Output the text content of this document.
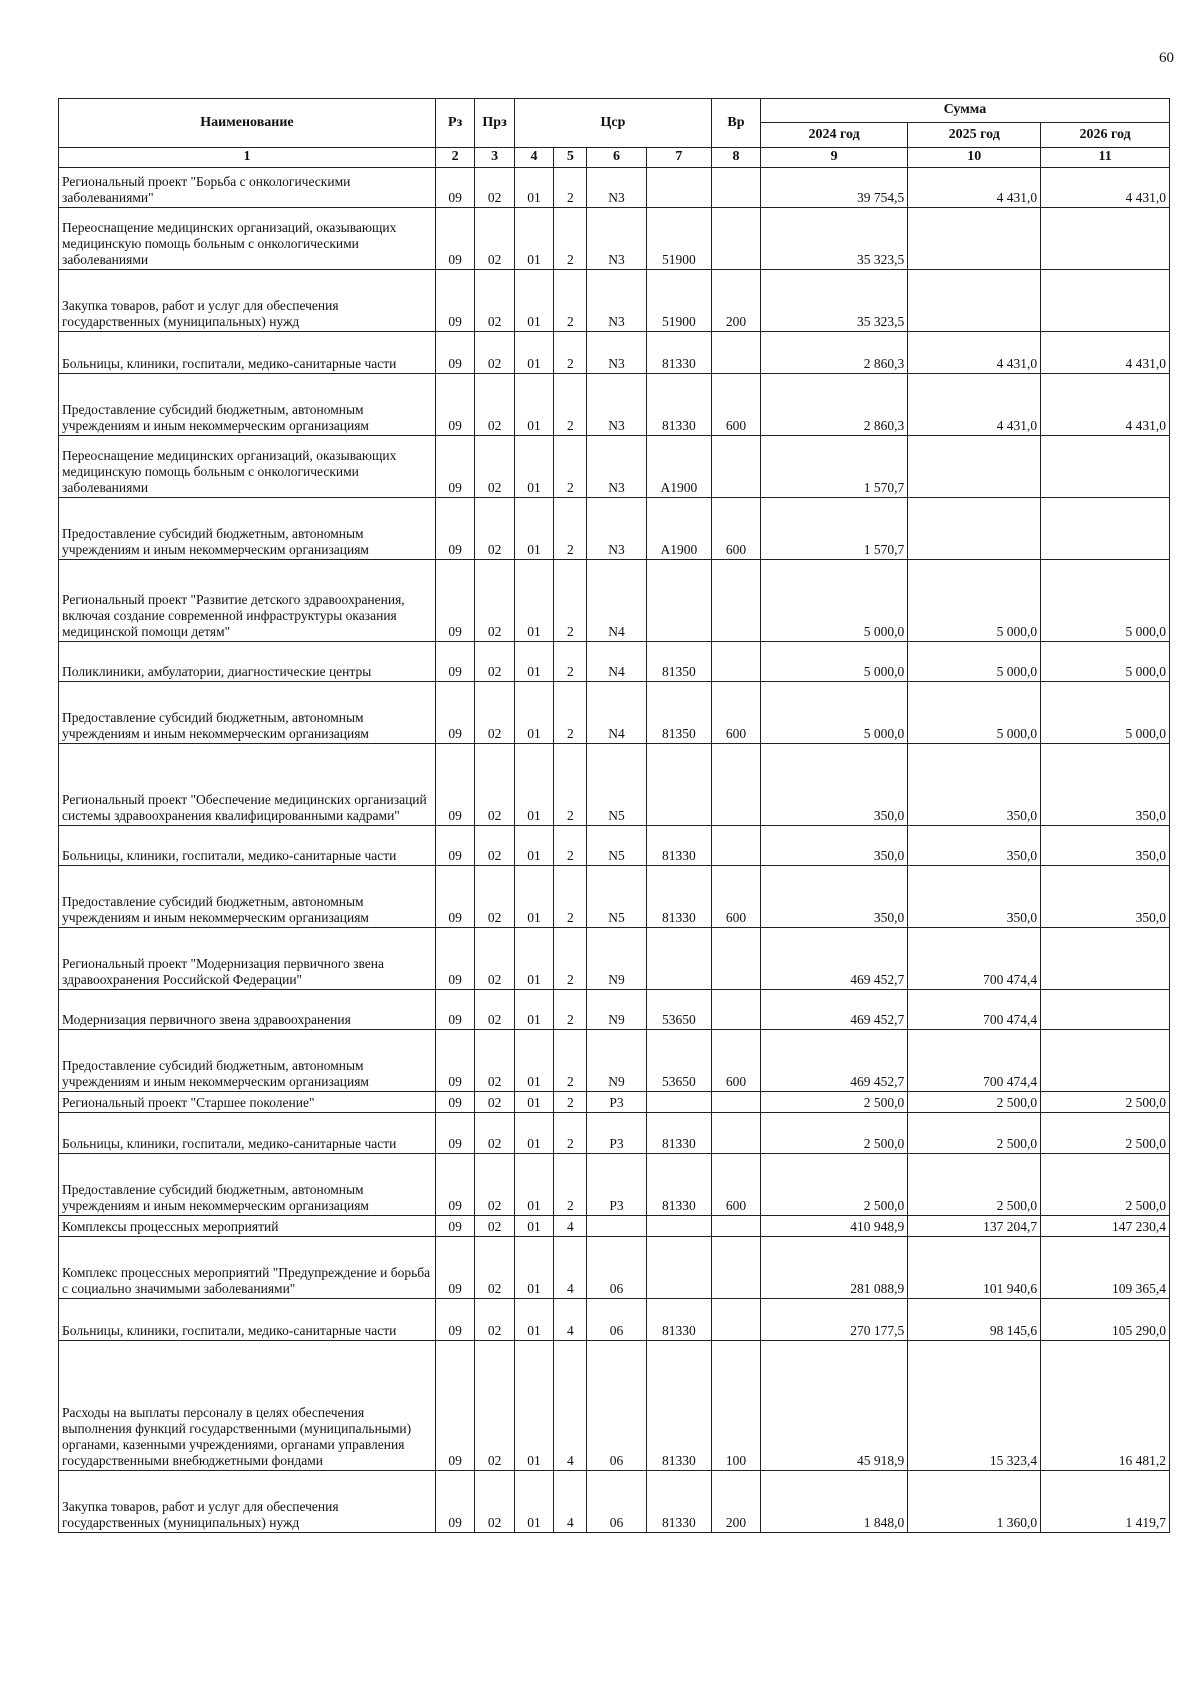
60
Наименование	Рз	Прз	Цср				Вр	Сумма		
								2024 год	2025 год	2026 год
1	2	3	4	5	6	7	8	9	10	11
Региональный проект "Борьба с онкологическими заболеваниями"	09	02	01	2	N3			39 754,5	4 431,0	4 431,0
Переоснащение медицинских организаций, оказывающих медицинскую помощь больным с онкологическими заболеваниями	09	02	01	2	N3	51900		35 323,5		
Закупка товаров, работ и услуг для обеспечения государственных (муниципальных) нужд	09	02	01	2	N3	51900	200	35 323,5		
Больницы, клиники, госпитали, медико-санитарные части	09	02	01	2	N3	81330		2 860,3	4 431,0	4 431,0
Предоставление субсидий бюджетным, автономным учреждениям и иным некоммерческим организациям	09	02	01	2	N3	81330	600	2 860,3	4 431,0	4 431,0
Переоснащение медицинских организаций, оказывающих медицинскую помощь больным с онкологическими заболеваниями	09	02	01	2	N3	A1900		1 570,7		
Предоставление субсидий бюджетным, автономным учреждениям и иным некоммерческим организациям	09	02	01	2	N3	A1900	600	1 570,7		
Региональный проект "Развитие детского здравоохранения, включая создание современной инфраструктуры оказания медицинской помощи детям"	09	02	01	2	N4			5 000,0	5 000,0	5 000,0
Поликлиники, амбулатории, диагностические центры	09	02	01	2	N4	81350		5 000,0	5 000,0	5 000,0
Предоставление субсидий бюджетным, автономным учреждениям и иным некоммерческим организациям	09	02	01	2	N4	81350	600	5 000,0	5 000,0	5 000,0
Региональный проект "Обеспечение медицинских организаций системы здравоохранения квалифицированными кадрами"	09	02	01	2	N5			350,0	350,0	350,0
Больницы, клиники, госпитали, медико-санитарные части	09	02	01	2	N5	81330		350,0	350,0	350,0
Предоставление субсидий бюджетным, автономным учреждениям и иным некоммерческим организациям	09	02	01	2	N5	81330	600	350,0	350,0	350,0
Региональный проект "Модернизация первичного звена здравоохранения Российской Федерации"	09	02	01	2	N9			469 452,7	700 474,4	
Модернизация первичного звена здравоохранения	09	02	01	2	N9	53650		469 452,7	700 474,4	
Предоставление субсидий бюджетным, автономным учреждениям и иным некоммерческим организациям	09	02	01	2	N9	53650	600	469 452,7	700 474,4	
Региональный проект "Старшее поколение"	09	02	01	2	P3			2 500,0	2 500,0	2 500,0
Больницы, клиники, госпитали, медико-санитарные части	09	02	01	2	P3	81330		2 500,0	2 500,0	2 500,0
Предоставление субсидий бюджетным, автономным учреждениям и иным некоммерческим организациям	09	02	01	2	P3	81330	600	2 500,0	2 500,0	2 500,0
Комплексы процессных мероприятий	09	02	01	4				410 948,9	137 204,7	147 230,4
Комплекс процессных мероприятий "Предупреждение и борьба с социально значимыми заболеваниями"	09	02	01	4	06			281 088,9	101 940,6	109 365,4
Больницы, клиники, госпитали, медико-санитарные части	09	02	01	4	06	81330		270 177,5	98 145,6	105 290,0
Расходы на выплаты персоналу в целях обеспечения выполнения функций государственными (муниципальными) органами, казенными учреждениями, органами управления государственными внебюджетными фондами	09	02	01	4	06	81330	100	45 918,9	15 323,4	16 481,2
Закупка товаров, работ и услуг для обеспечения государственных (муниципальных) нужд	09	02	01	4	06	81330	200	1 848,0	1 360,0	1 419,7
